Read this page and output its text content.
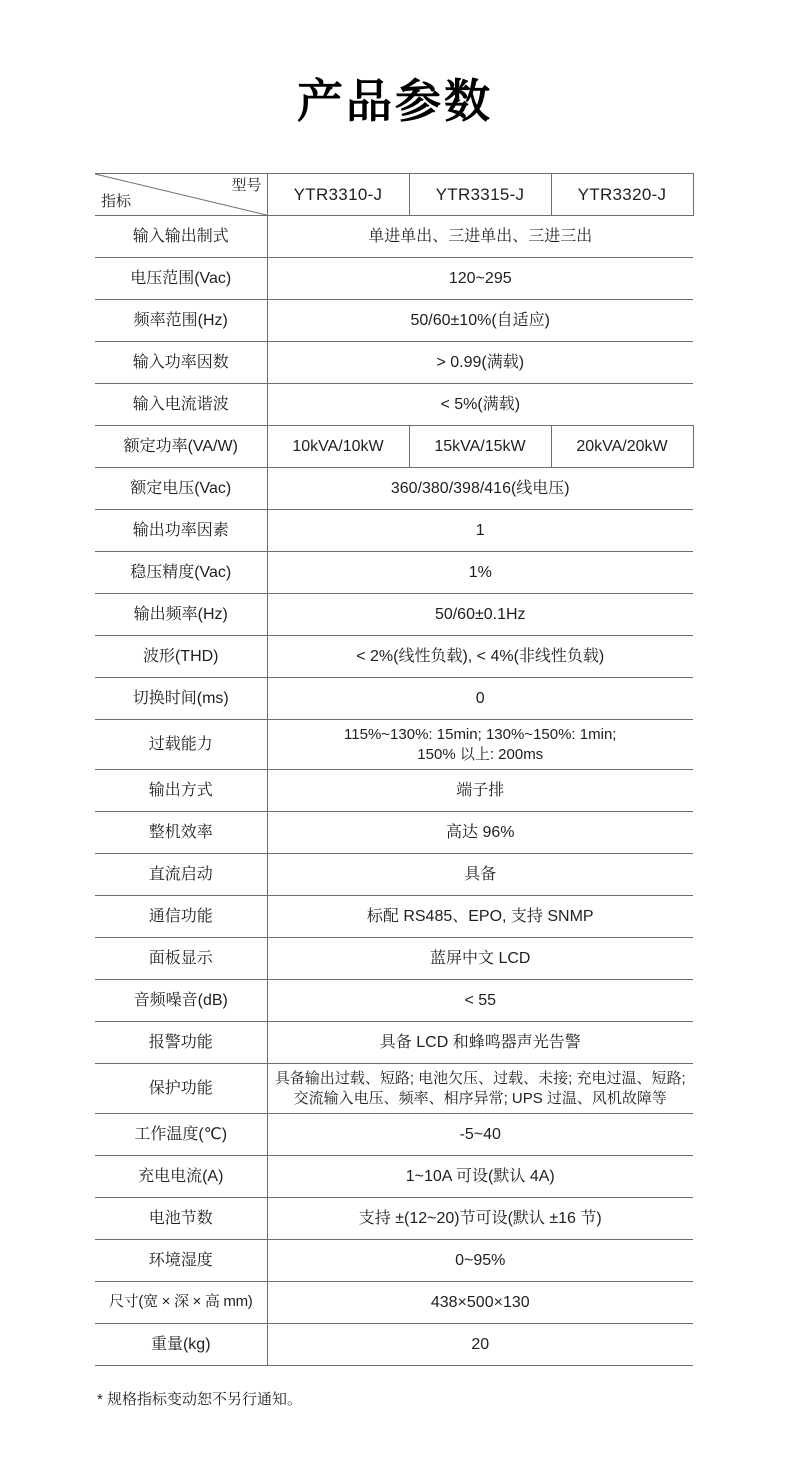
产品参数
型号
指标	YTR3310-J	YTR3315-J	YTR3320-J
输入输出制式	单进单出、三进单出、三进三出		
电压范围(Vac)	120~295		
频率范围(Hz)	50/60±10%(自适应)		
输入功率因数	> 0.99(满载)		
输入电流谐波	< 5%(满载)		
额定功率(VA/W)	10kVA/10kW	15kVA/15kW	20kVA/20kW
额定电压(Vac)	360/380/398/416(线电压)		
输出功率因素	1		
稳压精度(Vac)	1%		
输出频率(Hz)	50/60±0.1Hz		
波形(THD)	< 2%(线性负载), < 4%(非线性负载)		
切换时间(ms)	0		
过载能力	115%~130%: 15min; 130%~150%: 1min;
150% 以上: 200ms		

输出方式	端子排		
整机效率	高达 96%		
直流启动	具备		
通信功能	标配 RS485、EPO, 支持 SNMP		
面板显示	蓝屏中文 LCD		
音频噪音(dB)	< 55		
报警功能	具备 LCD 和蜂鸣器声光告警		
保护功能	具备输出过载、短路; 电池欠压、过载、未接; 充电过温、短路;
交流输入电压、频率、相序异常; UPS 过温、风机故障等		

工作温度(℃)	-5~40		
充电电流(A)	1~10A 可设(默认 4A)		
电池节数	支持 ±(12~20)节可设(默认 ±16 节)		
环境湿度	0~95%		
尺寸(宽 × 深 × 高 mm)	438×500×130		
重量(kg)	20		
* 规格指标变动恕不另行通知。
